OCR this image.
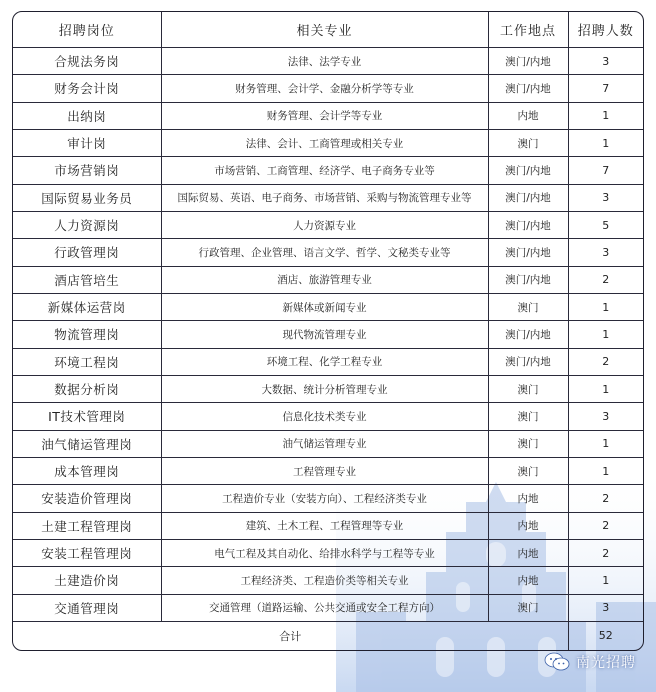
招聘岗位	相关专业	工作地点	招聘人数
合规法务岗	法律、法学专业	澳门/内地	3
财务会计岗	财务管理、会计学、金融分析学等专业	澳门/内地	7
出纳岗	财务管理、会计学等专业	内地	1
审计岗	法律、会计、工商管理或相关专业	澳门	1
市场营销岗	市场营销、工商管理、经济学、电子商务专业等	澳门/内地	7
国际贸易业务员	国际贸易、英语、电子商务、市场营销、采购与物流管理专业等	澳门/内地	3
人力资源岗	人力资源专业	澳门/内地	5
行政管理岗	行政管理、企业管理、语言文学、哲学、文秘类专业等	澳门/内地	3
酒店管培生	酒店、旅游管理专业	澳门/内地	2
新媒体运营岗	新媒体或新闻专业	澳门	1
物流管理岗	现代物流管理专业	澳门/内地	1
环境工程岗	环境工程、化学工程专业	澳门/内地	2
数据分析岗	大数据、统计分析管理专业	澳门	1
IT技术管理岗	信息化技术类专业	澳门	3
油气储运管理岗	油气储运管理专业	澳门	1
成本管理岗	工程管理专业	澳门	1
安装造价管理岗	工程造价专业（安装方向）、工程经济类专业	内地	2
土建工程管理岗	建筑、土木工程、工程管理等专业	内地	2
安装工程管理岗	电气工程及其自动化、给排水科学与工程等专业	内地	2
土建造价岗	工程经济类、工程造价类等相关专业	内地	1
交通管理岗	交通管理（道路运输、公共交通或安全工程方向）	澳门	3
合计			52
南光招聘
